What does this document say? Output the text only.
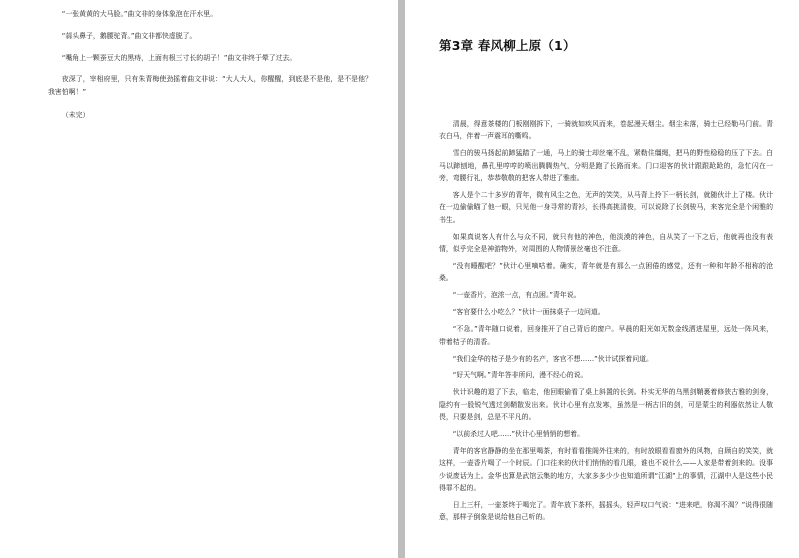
“一张黄黄的大马脸。”曲文非的身体象泡在汗水里。

“蒜头鼻子，鹅腰驼背。”曲文非都快虚脱了。

“嘴角上一颗蚕豆大的黑痔，上面有根三寸长的胡子！”曲文非终于晕了过去。

夜深了，宰相府里，只有朱青梅使劲摇着曲文非说：“大人大人，你醒醒，到底是不是他，是不是他？我害怕啊！”

（未完）

第3章 春风柳上原（1）

清晨，得意茶楼的门板刚刚拆下，一骑就如疾风而来，卷起漫天烟尘。烟尘未落，骑士已经勒马门前。青衣白马，伴着一声震耳的嘶鸣。

雪白的骏马扬起前蹄猛踏了一通，马上的骑士却丝毫不乱，紧勒住缰绳，把马的野性稳稳的压了下去。白马以蹄刨地，鼻孔里哼哼的喷出腾腾热气，分明是跑了长路而来。门口迎客的伙计跟跟跄跄的，急忙闪在一旁，弯腰行礼，恭恭敬敬的把客人带进了雅座。

客人是个二十多岁的青年，微有风尘之色，无声的笑笑，从马背上拎下一柄长剑，就随伙计上了楼。伙计在一边偷偷瞄了他一眼，只见他一身寻常的青衫，长得高挑清俊，可以说除了长剑骏马，来客完全是个闲雅的书生。

如果真说客人有什么与众不同，就只有他的神色，他淡漠的神色，自从笑了一下之后，他就再也没有表情，似乎完全是神游物外，对周围的人物情景丝毫也不注意。

“没有睡醒吧？”伙计心里嘀咕着。确实，青年就是有那么一点困倦的感觉，还有一种和年龄不相称的沧桑。

“一壶香片，泡浓一点，有点困。”青年说。

“客官要什么小吃么？”伙计一面抹桌子一边问道。

“不急。”青年随口说着，回身推开了自己背后的窗户。早晨的阳光如无数金线洒进屋里，远处一阵风来，带着桔子的清香。

“我们金华的桔子是少有的名产，客官不想……”伙计试探着问道。

“好天气啊。”青年答非所问，漫不经心的说。

伙计识趣的退了下去，临走，他回眼偷看了桌上斜置的长剑。朴实无华的乌黑剑鞘裹着修狭古雅的剑身，隐约有一股锐气透过剑鞘散发出来。伙计心里有点发寒，虽然是一柄古旧的剑，可是蒙尘的利器依然让人敬畏，只要是剑，总是不平凡的。

“以前杀过人吧……”伙计心里悄悄的想着。

青年的客官静静的坐在那里喝茶，有时看看推阁外往来的，有时放眼看看窗外的风物，自顾自的笑笑，就这样，一壶香片喝了一个时辰。门口往来的伙计们悄悄的看几眼，谁也不说什么——人家是带着剑来的。没事少说废话为上。金华也算是武馆云集的地方，大家多多少少也知道所谓“江湖”上的事情，江湖中人是这些小民得罪不起的。

日上三杆，一壶茶终于喝完了。青年放下茶杯，摇摇头，轻声叹口气说：“进来吧，你渴不渴？”说得很随意，那样子倒象是说给他自己听的。
